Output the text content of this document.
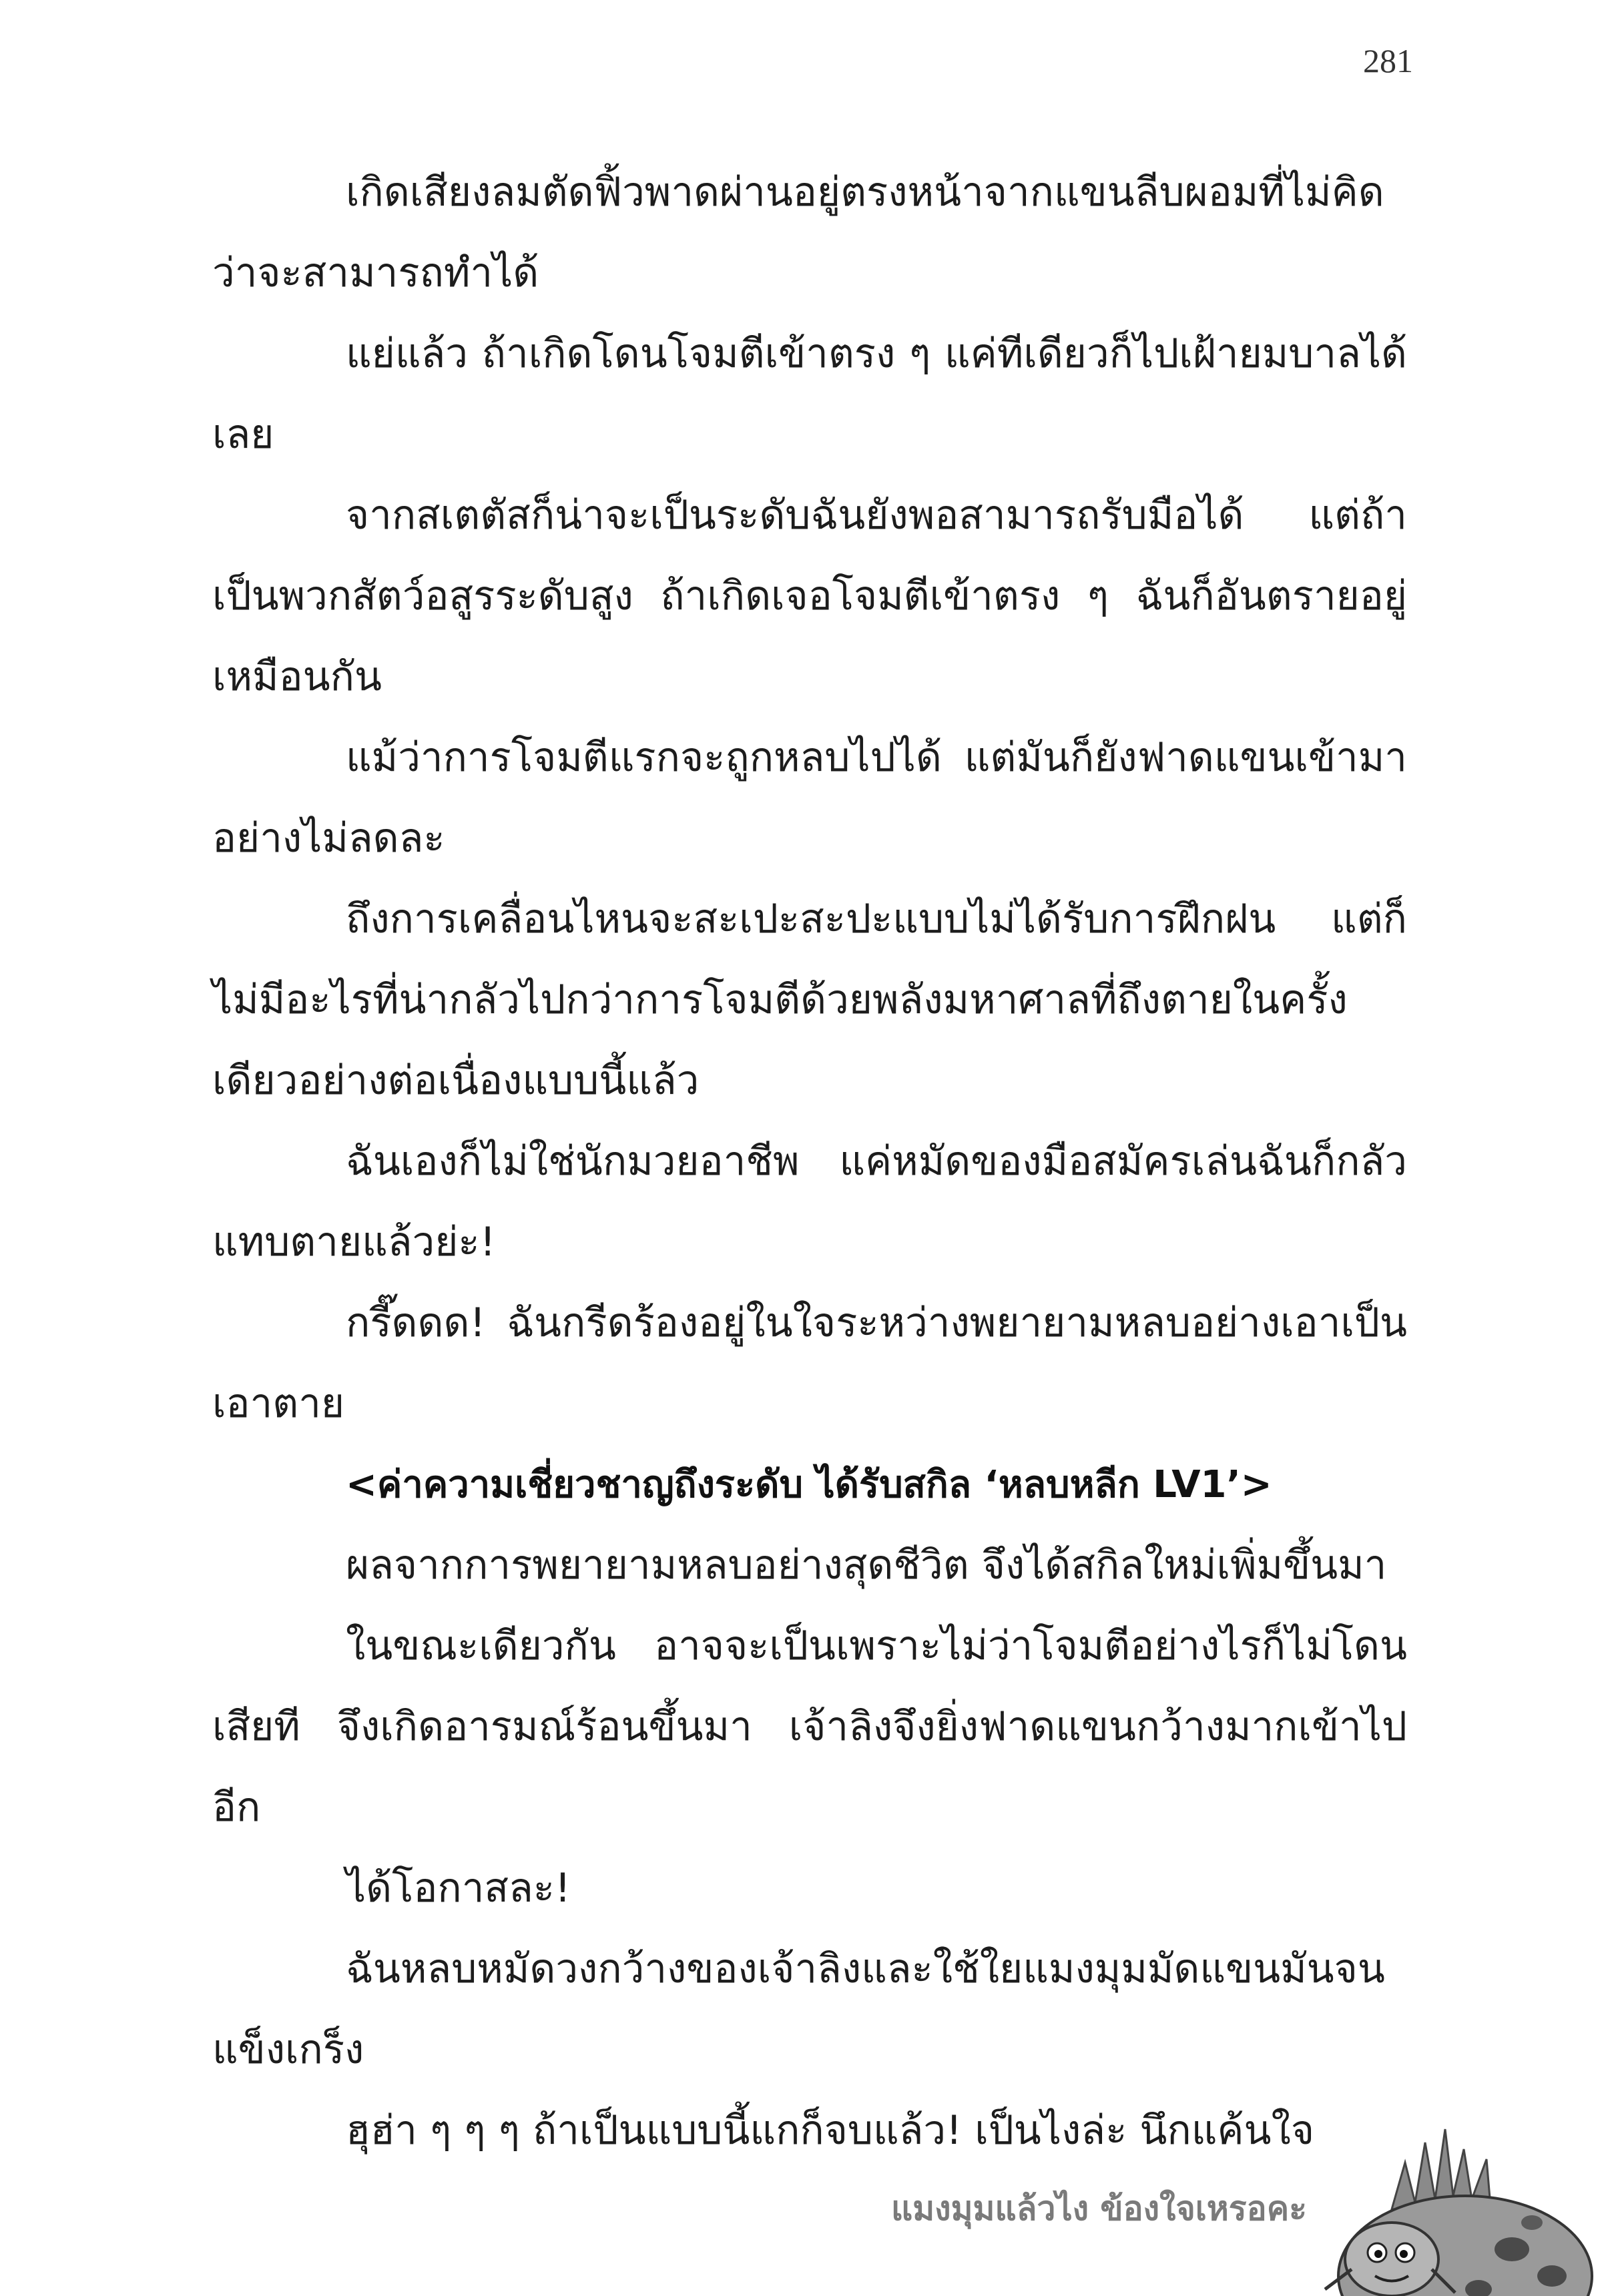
281

เกิดเสียงลมตัดฟิ้วพาดผ่านอยู่ตรงหน้าจากแขนลีบผอมที่ไม่คิดว่าจะสามารถทำได้

แย่แล้ว ถ้าเกิดโดนโจมตีเข้าตรง ๆ แค่ทีเดียวก็ไปเฝ้ายมบาลได้เลย

จากสเตตัสก็น่าจะเป็นระดับฉันยังพอสามารถรับมือได้ แต่ถ้าเป็นพวกสัตว์อสูรระดับสูง ถ้าเกิดเจอโจมตีเข้าตรง ๆ ฉันก็อันตรายอยู่เหมือนกัน

แม้ว่าการโจมตีแรกจะถูกหลบไปได้ แต่มันก็ยังฟาดแขนเข้ามาอย่างไม่ลดละ

ถึงการเคลื่อนไหนจะสะเปะสะปะแบบไม่ได้รับการฝึกฝน แต่ก็ไม่มีอะไรที่น่ากลัวไปกว่าการโจมตีด้วยพลังมหาศาลที่ถึงตายในครั้งเดียวอย่างต่อเนื่องแบบนี้แล้ว

ฉันเองก็ไม่ใช่นักมวยอาชีพ แค่หมัดของมือสมัครเล่นฉันก็กลัวแทบตายแล้วย่ะ!

กรี๊ดดด! ฉันกรีดร้องอยู่ในใจระหว่างพยายามหลบอย่างเอาเป็นเอาตาย

<ค่าความเชี่ยวชาญถึงระดับ ได้รับสกิล ‘หลบหลีก LV1’>

ผลจากการพยายามหลบอย่างสุดชีวิต จึงได้สกิลใหม่เพิ่มขึ้นมา

ในขณะเดียวกัน อาจจะเป็นเพราะไม่ว่าโจมตีอย่างไรก็ไม่โดนเสียที จึงเกิดอารมณ์ร้อนขึ้นมา เจ้าลิงจึงยิ่งฟาดแขนกว้างมากเข้าไปอีก

ได้โอกาสละ!

ฉันหลบหมัดวงกว้างของเจ้าลิงและใช้ใยแมงมุมมัดแขนมันจนแข็งเกร็ง

ฮุฮ่า ๆ ๆ ๆ ถ้าเป็นแบบนี้แกก็จบแล้ว! เป็นไงล่ะ นึกแค้นใจ

แมงมุมแล้วไง ข้องใจเหรอคะ
